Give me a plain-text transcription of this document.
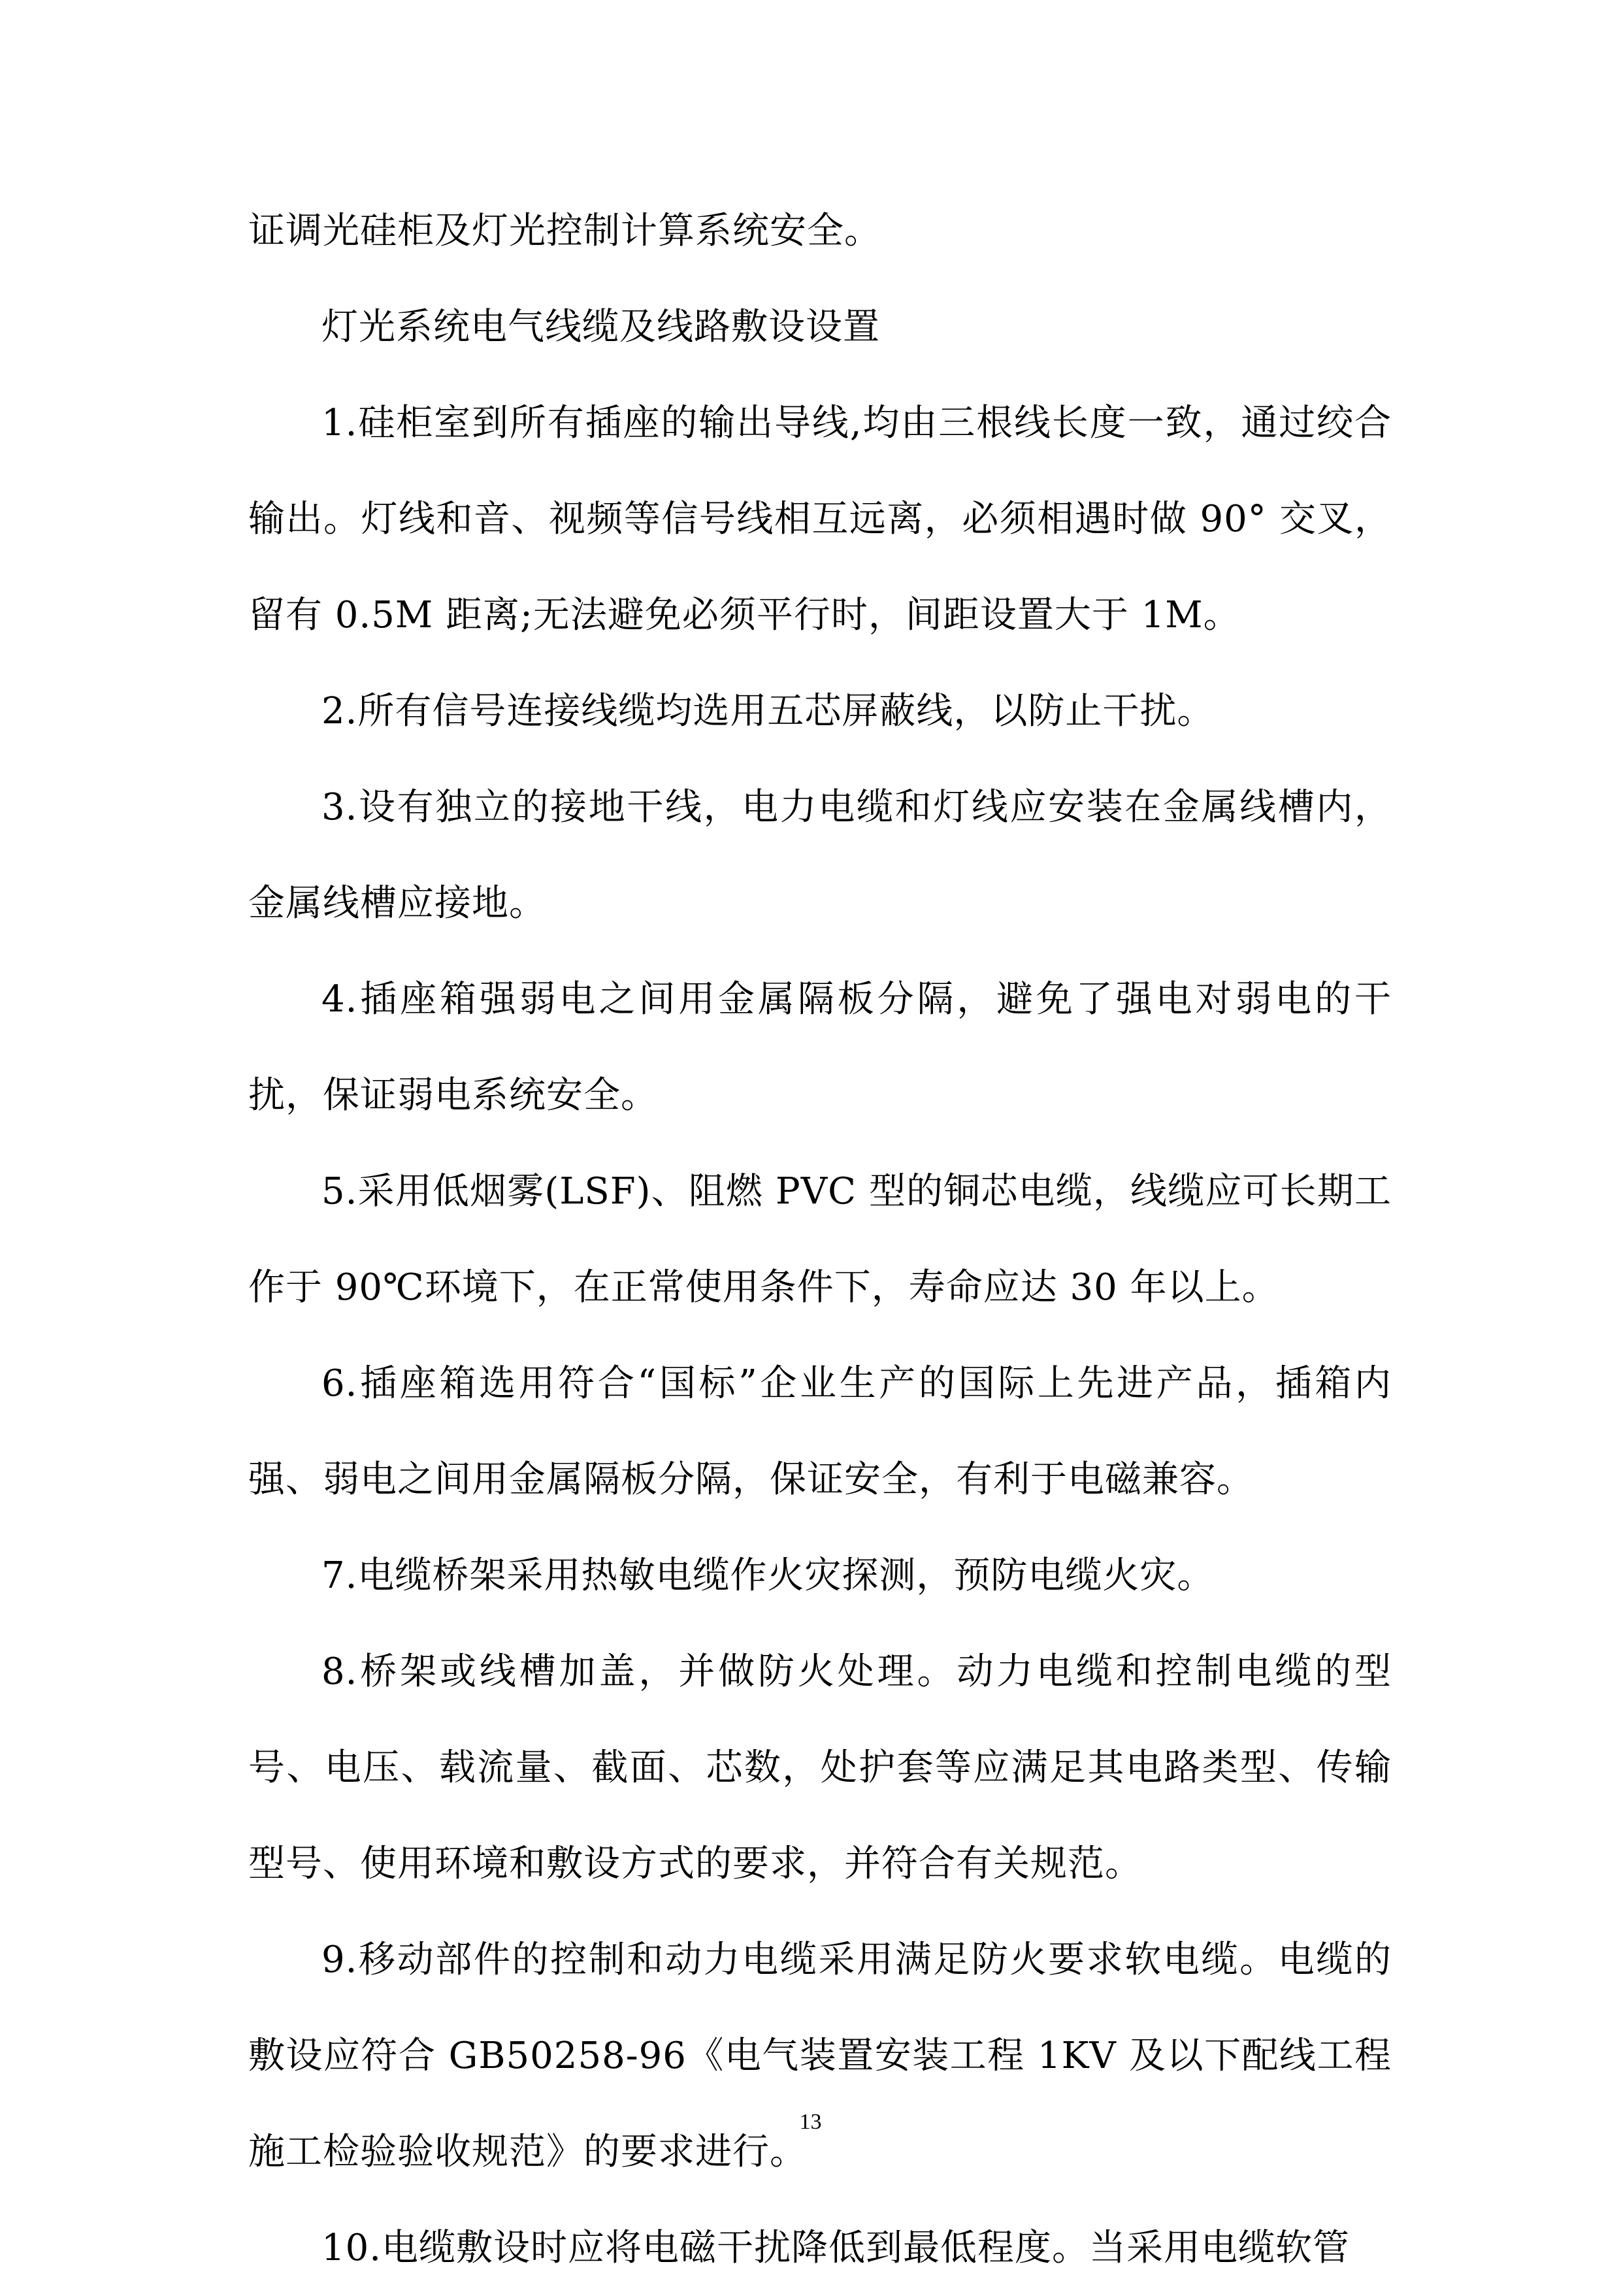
证调光硅柜及灯光控制计算系统安全。

灯光系统电气线缆及线路敷设设置

1.硅柜室到所有插座的输出导线,均由三根线长度一致，通过绞合输出。灯线和音、视频等信号线相互远离，必须相遇时做 90° 交叉，留有 0.5M 距离;无法避免必须平行时，间距设置大于 1M。

2.所有信号连接线缆均选用五芯屏蔽线，以防止干扰。

3.设有独立的接地干线，电力电缆和灯线应安装在金属线槽内，金属线槽应接地。

4.插座箱强弱电之间用金属隔板分隔，避免了强电对弱电的干扰，保证弱电系统安全。

5.采用低烟雾(LSF)、阻燃 PVC 型的铜芯电缆，线缆应可长期工作于 90℃环境下，在正常使用条件下，寿命应达 30 年以上。

6.插座箱选用符合“国标”企业生产的国际上先进产品，插箱内强、弱电之间用金属隔板分隔，保证安全，有利于电磁兼容。

7.电缆桥架采用热敏电缆作火灾探测，预防电缆火灾。

8.桥架或线槽加盖，并做防火处理。动力电缆和控制电缆的型号、电压、载流量、截面、芯数，处护套等应满足其电路类型、传输型号、使用环境和敷设方式的要求，并符合有关规范。

9.移动部件的控制和动力电缆采用满足防火要求软电缆。电缆的敷设应符合 GB50258-96《电气装置安装工程 1KV 及以下配线工程施工检验验收规范》的要求进行。

10.电缆敷设时应将电磁干扰降低到最低程度。当采用电缆软管

13
